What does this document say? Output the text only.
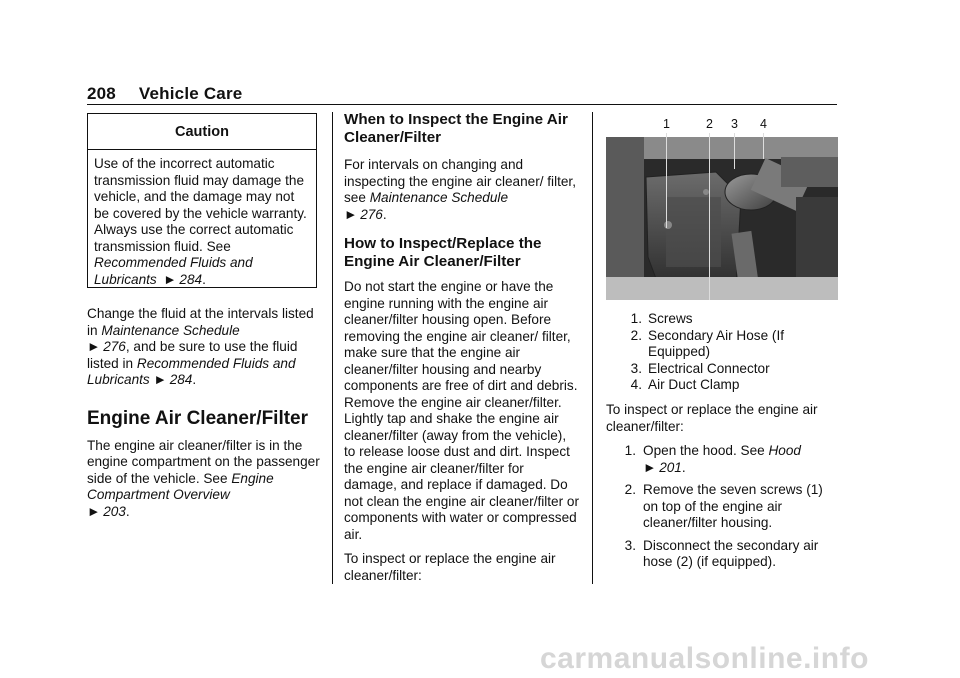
208 Vehicle Care
Caution
Use of the incorrect automatic transmission fluid may damage the vehicle, and the damage may not be covered by the vehicle warranty. Always use the correct automatic transmission fluid. See Recommended Fluids and Lubricants  ► 284.

Change the fluid at the intervals listed in Maintenance Schedule
► 276, and be sure to use the fluid listed in Recommended Fluids and Lubricants ► 284.

Engine Air Cleaner/Filter

The engine air cleaner/filter is in the engine compartment on the passenger side of the vehicle. See Engine Compartment Overview
► 203.

When to Inspect the Engine Air Cleaner/Filter

For intervals on changing and inspecting the engine air cleaner/ filter, see Maintenance Schedule
► 276.

How to Inspect/Replace the Engine Air Cleaner/Filter

Do not start the engine or have the engine running with the engine air cleaner/filter housing open. Before removing the engine air cleaner/ filter, make sure that the engine air cleaner/filter housing and nearby components are free of dirt and debris. Remove the engine air cleaner/filter. Lightly tap and shake the engine air cleaner/filter (away from the vehicle), to release loose dust and dirt. Inspect the engine air cleaner/filter for damage, and replace if damaged. Do not clean the engine air cleaner/filter or components with water or compressed air.

To inspect or replace the engine air cleaner/filter:

1	2 3 4
1. Screws
2. Secondary Air Hose (If Equipped)
3. Electrical Connector
4. Air Duct Clamp

To inspect or replace the engine air cleaner/filter:

1. Open the hood. See Hood
► 201.
2. Remove the seven screws (1) on top of the engine air cleaner/filter housing.
3. Disconnect the secondary air hose (2) (if equipped).
carmanualsonline.info
